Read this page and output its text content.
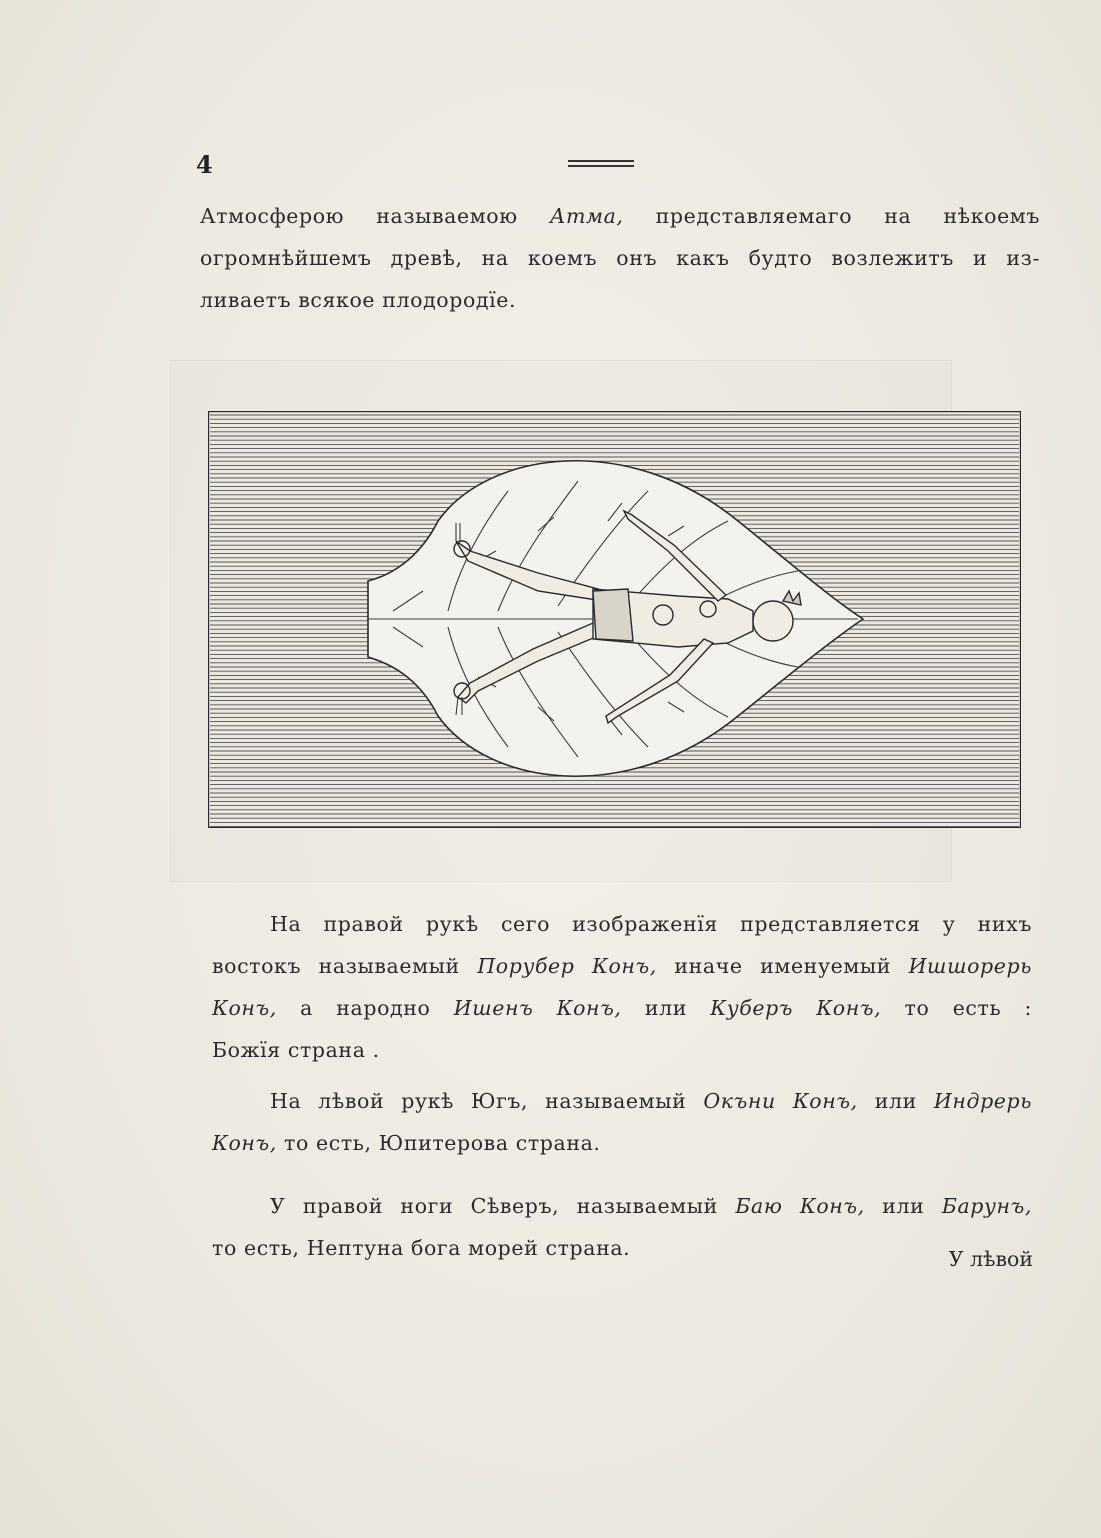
4
Атмосферою называемою Атма, представляемаго на нѣкоемъ
огромнѣйшемъ древѣ, на коемъ онъ какъ будто возлежитъ и из-
ливаетъ всякое плодородїе.
На правой рукѣ сего изображенїя представляется у нихъ
востокъ называемый Порубер Конъ, иначе именуемый Ишшорерь
Конъ, а народно Ишенъ Конъ, или Куберъ Конъ, то есть :
Божїя страна .
На лѣвой рукѣ Югъ, называемый Окъни Конъ, или Индрерь
Конъ, то есть, Юпитерова страна.
У правой ноги Сѣверъ, называемый Баю Конъ, или Барунъ,
то есть, Нептуна бога морей страна.	У лѣвой
